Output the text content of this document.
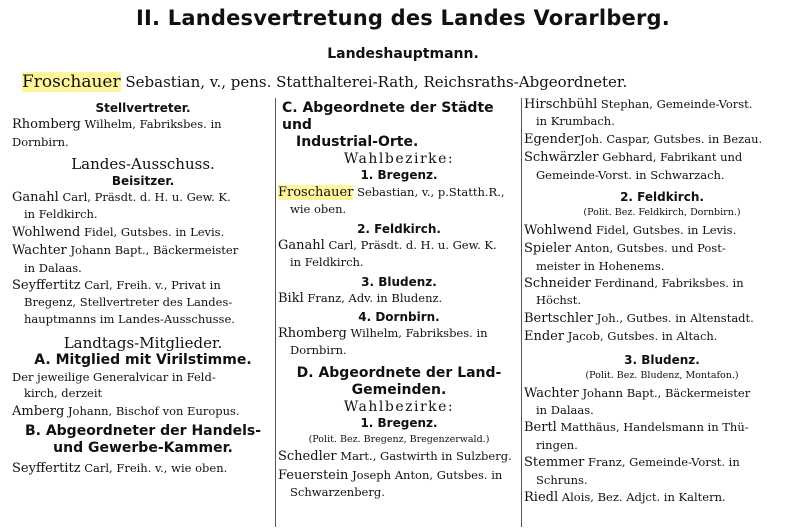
II. Landesvertretung des Landes Vorarlberg.
Landeshauptmann.
Froschauer Sebastian, v., pens. Statthalterei-Rath, Reichsraths-Abgeordneter.

Stellvertreter.

Rhomberg Wilhelm, Fabriksbes. in

Dornbirn.

Landes-Ausschuss.

Beisitzer.

Ganahl Carl, Präsdt. d. H. u. Gew. K.

in Feldkirch.

Wohlwend Fidel, Gutsbes. in Levis.

Wachter Johann Bapt., Bäckermeister

in Dalaas.

Seyffertitz Carl, Freih. v., Privat in

Bregenz, Stellvertreter des Landes-

hauptmanns im Landes-Ausschusse.

Landtags-Mitglieder.

A. Mitglied mit Virilstimme.

Der jeweilige Generalvicar in Feld-

kirch, derzeit

Amberg Johann, Bischof von Europus.

B. Abgeordneter der Handels-

und Gewerbe-Kammer.

Seyffertitz Carl, Freih. v., wie oben.

C. Abgeordnete der Städte und

Industrial-Orte.

Wahlbezirke:

1. Bregenz.

Froschauer Sebastian, v., p.Statth.R.,

wie oben.

2. Feldkirch.

Ganahl Carl, Präsdt. d. H. u. Gew. K.

in Feldkirch.

3. Bludenz.

Bikl Franz, Adv. in Bludenz.

4. Dornbirn.

Rhomberg Wilhelm, Fabriksbes. in

Dornbirn.

D. Abgeordnete der Land-

Gemeinden.

Wahlbezirke:

1. Bregenz.

(Polit. Bez. Bregenz, Bregenzerwald.)

Schedler Mart., Gastwirth in Sulzberg.

Feuerstein Joseph Anton, Gutsbes. in

Schwarzenberg.

Hirschbühl Stephan, Gemeinde-Vorst.

in Krumbach.

EgenderJoh. Caspar, Gutsbes. in Bezau.

Schwärzler Gebhard, Fabrikant und

Gemeinde-Vorst. in Schwarzach.

2. Feldkirch.

(Polit. Bez. Feldkirch, Dornbirn.)

Wohlwend Fidel, Gutsbes. in Levis.

Spieler Anton, Gutsbes. und Post-

meister in Hohenems.

Schneider Ferdinand, Fabriksbes. in

Höchst.

Bertschler Joh., Gutbes. in Altenstadt.

Ender Jacob, Gutsbes. in Altach.

3. Bludenz.

(Polit. Bez. Bludenz, Montafon.)

Wachter Johann Bapt., Bäckermeister

in Dalaas.

Bertl Matthäus, Handelsmann in Thü-

ringen.

Stemmer Franz, Gemeinde-Vorst. in

Schruns.

Riedl Alois, Bez. Adjct. in Kaltern.
